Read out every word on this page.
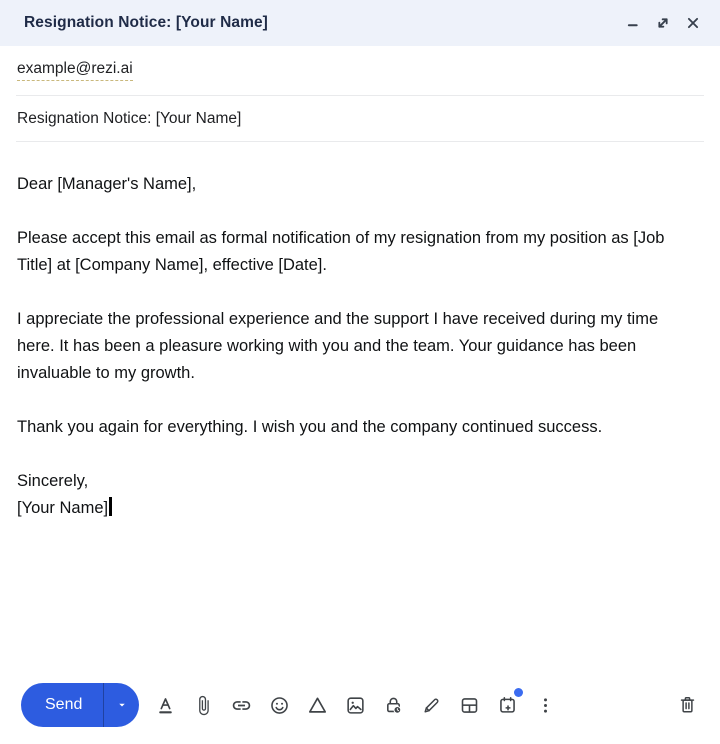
Resignation Notice: [Your Name]
example@rezi.ai
Resignation Notice: [Your Name]

Dear [Manager's Name],

Please accept this email as formal notification of my resignation from my position as [Job Title] at [Company Name], effective [Date].

I appreciate the professional experience and the support I have received during my time here. It has been a pleasure working with you and the team. Your guidance has been invaluable to my growth.

Thank you again for everything. I wish you and the company continued success.

Sincerely,

[Your Name]

Send
